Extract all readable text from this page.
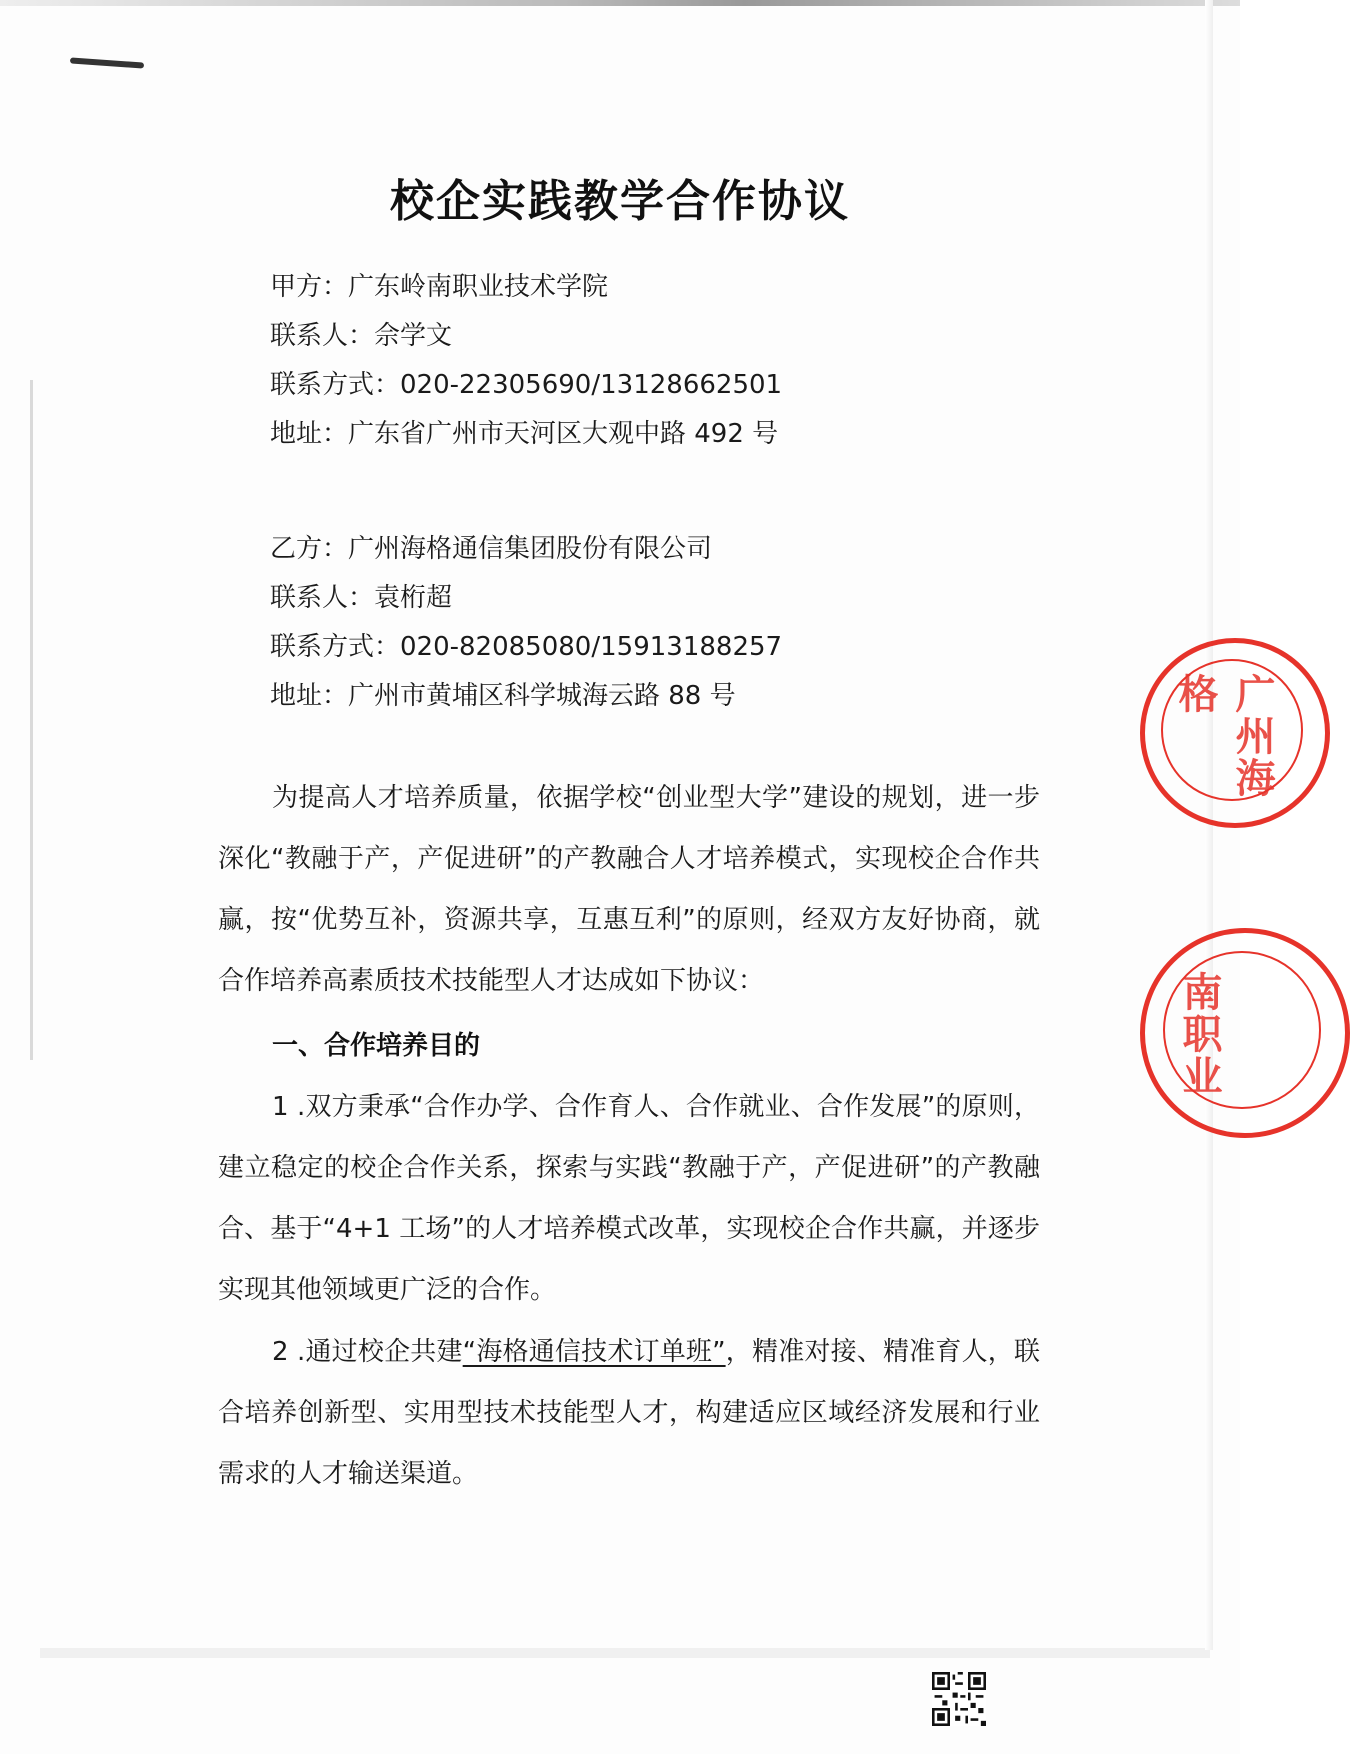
校企实践教学合作协议
甲方：广东岭南职业技术学院
联系人：佘学文
联系方式：020-22305690/13128662501
地址：广东省广州市天河区大观中路 492 号
乙方：广州海格通信集团股份有限公司
联系人：袁桁超
联系方式：020-82085080/15913188257
地址：广州市黄埔区科学城海云路 88 号
为提高人才培养质量，依据学校“创业型大学”建设的规划，进一步深化“教融于产，产促进研”的产教融合人才培养模式，实现校企合作共赢，按“优势互补，资源共享，互惠互利”的原则，经双方友好协商，就合作培养高素质技术技能型人才达成如下协议：
一、合作培养目的
1 .双方秉承“合作办学、合作育人、合作就业、合作发展”的原则，建立稳定的校企合作关系，探索与实践“教融于产，产促进研”的产教融合、基于“4+1 工场”的人才培养模式改革，实现校企合作共赢，并逐步实现其他领域更广泛的合作。
2 .通过校企共建“海格通信技术订单班”，精准对接、精准育人，联合培养创新型、实用型技术技能型人才，构建适应区域经济发展和行业需求的人才输送渠道。
广州海格
南职业
